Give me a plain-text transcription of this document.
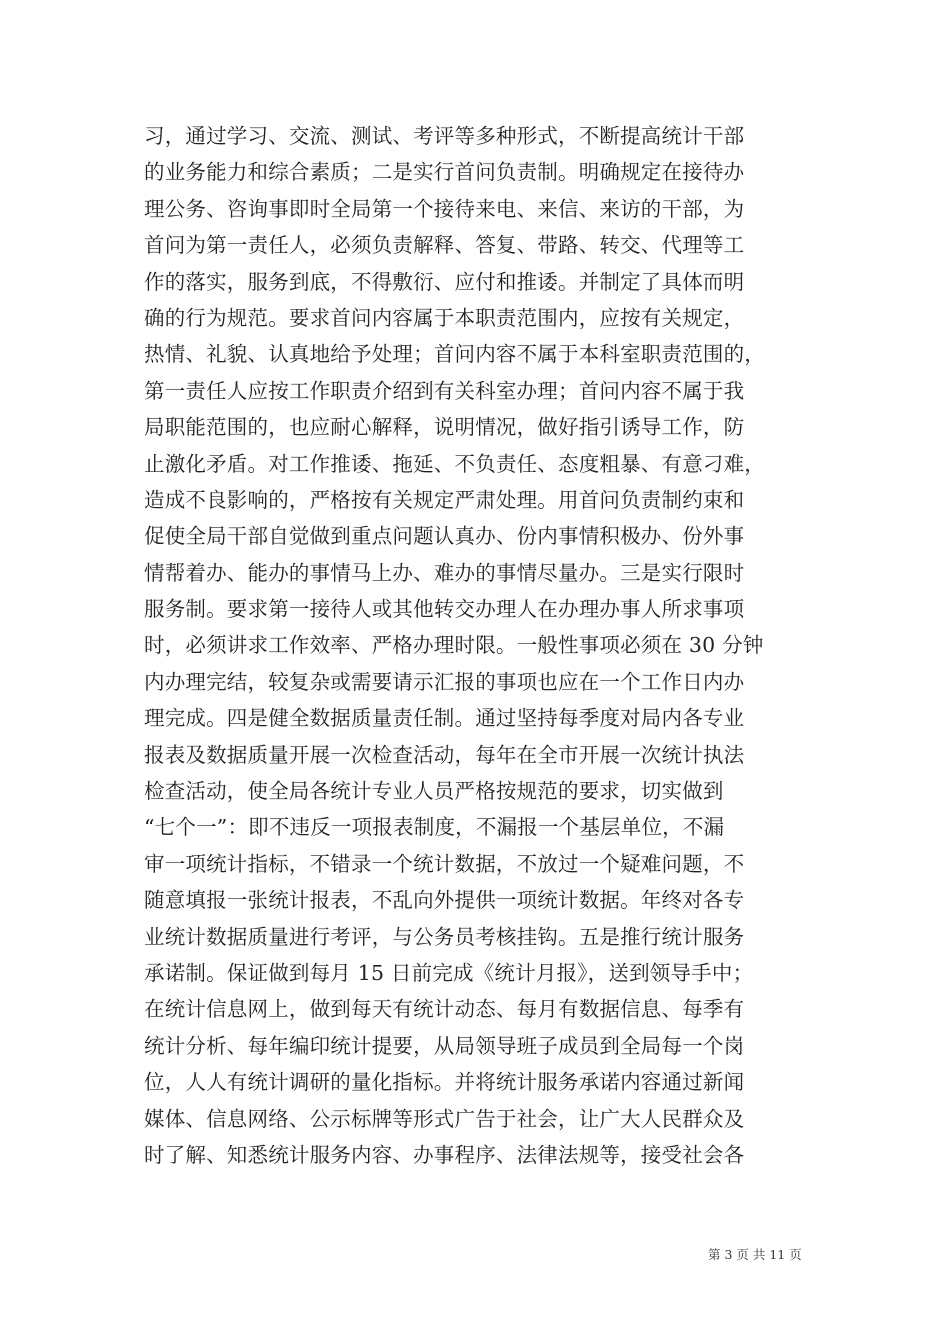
习，通过学习、交流、测试、考评等多种形式，不断提高统计干部
的业务能力和综合素质；二是实行首问负责制。明确规定在接待办
理公务、咨询事即时全局第一个接待来电、来信、来访的干部，为
首问为第一责任人，必须负责解释、答复、带路、转交、代理等工
作的落实，服务到底，不得敷衍、应付和推诿。并制定了具体而明
确的行为规范。要求首问内容属于本职责范围内，应按有关规定，
热情、礼貌、认真地给予处理；首问内容不属于本科室职责范围的，
第一责任人应按工作职责介绍到有关科室办理；首问内容不属于我
局职能范围的，也应耐心解释，说明情况，做好指引诱导工作，防
止激化矛盾。对工作推诿、拖延、不负责任、态度粗暴、有意刁难，
造成不良影响的，严格按有关规定严肃处理。用首问负责制约束和
促使全局干部自觉做到重点问题认真办、份内事情积极办、份外事
情帮着办、能办的事情马上办、难办的事情尽量办。三是实行限时
服务制。要求第一接待人或其他转交办理人在办理办事人所求事项
时，必须讲求工作效率、严格办理时限。一般性事项必须在 30 分钟
内办理完结，较复杂或需要请示汇报的事项也应在一个工作日内办
理完成。四是健全数据质量责任制。通过坚持每季度对局内各专业
报表及数据质量开展一次检查活动，每年在全市开展一次统计执法
检查活动，使全局各统计专业人员严格按规范的要求，切实做到
“七个一”：即不违反一项报表制度，不漏报一个基层单位，不漏
审一项统计指标，不错录一个统计数据，不放过一个疑难问题，不
随意填报一张统计报表，不乱向外提供一项统计数据。年终对各专
业统计数据质量进行考评，与公务员考核挂钩。五是推行统计服务
承诺制。保证做到每月 15 日前完成《统计月报》，送到领导手中；
在统计信息网上，做到每天有统计动态、每月有数据信息、每季有
统计分析、每年编印统计提要，从局领导班子成员到全局每一个岗
位，人人有统计调研的量化指标。并将统计服务承诺内容通过新闻
媒体、信息网络、公示标牌等形式广告于社会，让广大人民群众及
时了解、知悉统计服务内容、办事程序、法律法规等，接受社会各
第 3 页 共 11 页
